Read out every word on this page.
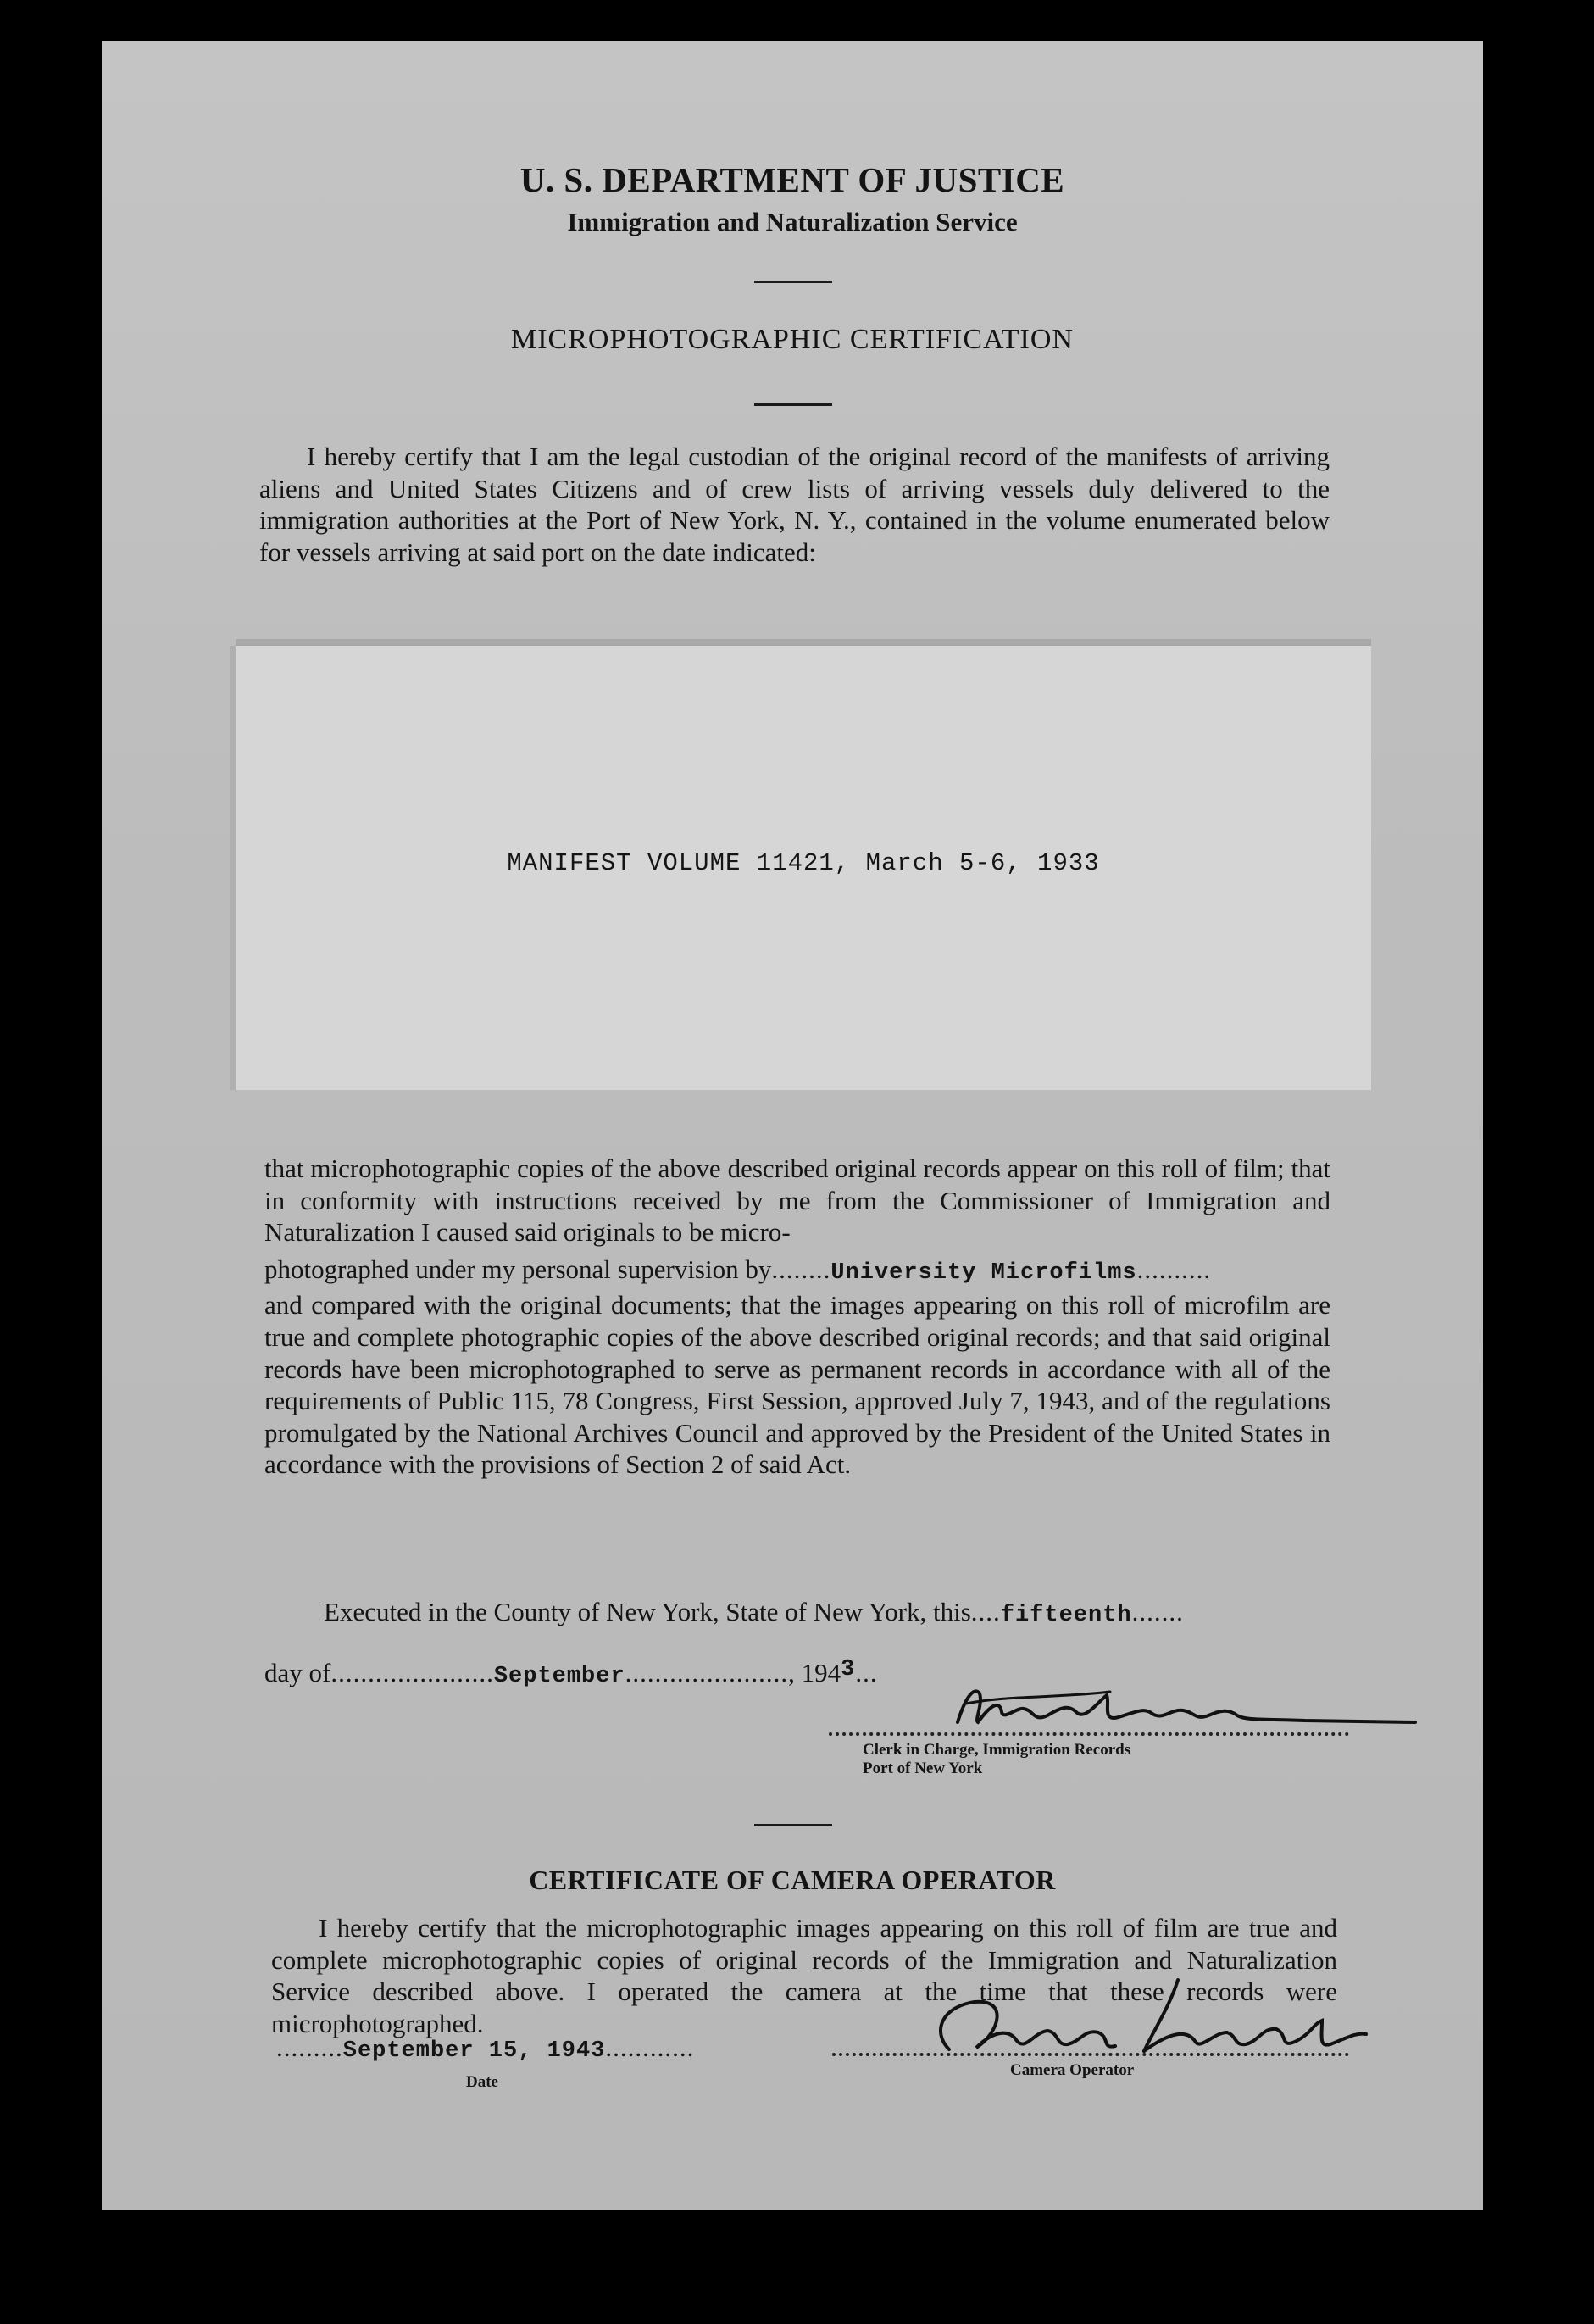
U. S. DEPARTMENT OF JUSTICE
Immigration and Naturalization Service
MICROPHOTOGRAPHIC CERTIFICATION

I hereby certify that I am the legal custodian of the original record of the manifests of arriving aliens and United States Citizens and of crew lists of arriving vessels duly delivered to the immigration authorities at the Port of New York, N. Y., contained in the volume enumerated below for vessels arriving at said port on the date indicated:

MANIFEST VOLUME 11421, March 5-6, 1933

that microphotographic copies of the above described original records appear on this roll of film; that in conformity with instructions received by me from the Commissioner of Immigration and Naturalization I caused said originals to be micro-

photographed under my personal supervision by........University Microfilms..........

and compared with the original documents; that the images appearing on this roll of microfilm are true and complete photographic copies of the above described original records; and that said original records have been microphotographed to serve as permanent records in accordance with all of the requirements of Public 115, 78 Congress, First Session, approved July 7, 1943, and of the regulations promulgated by the National Archives Council and approved by the President of the United States in accordance with the provisions of Section 2 of said Act.

Executed in the County of New York, State of New York, this....fifteenth.......
day of......................September......................, 1943...
Clerk in Charge, Immigration Records
Port of New York
CERTIFICATE OF CAMERA OPERATOR

I hereby certify that the microphotographic images appearing on this roll of film are true and complete microphotographic copies of original records of the Immigration and Naturalization Service described above. I operated the camera at the time that these records were microphotographed.

.........September 15, 1943............
Date
Camera Operator
